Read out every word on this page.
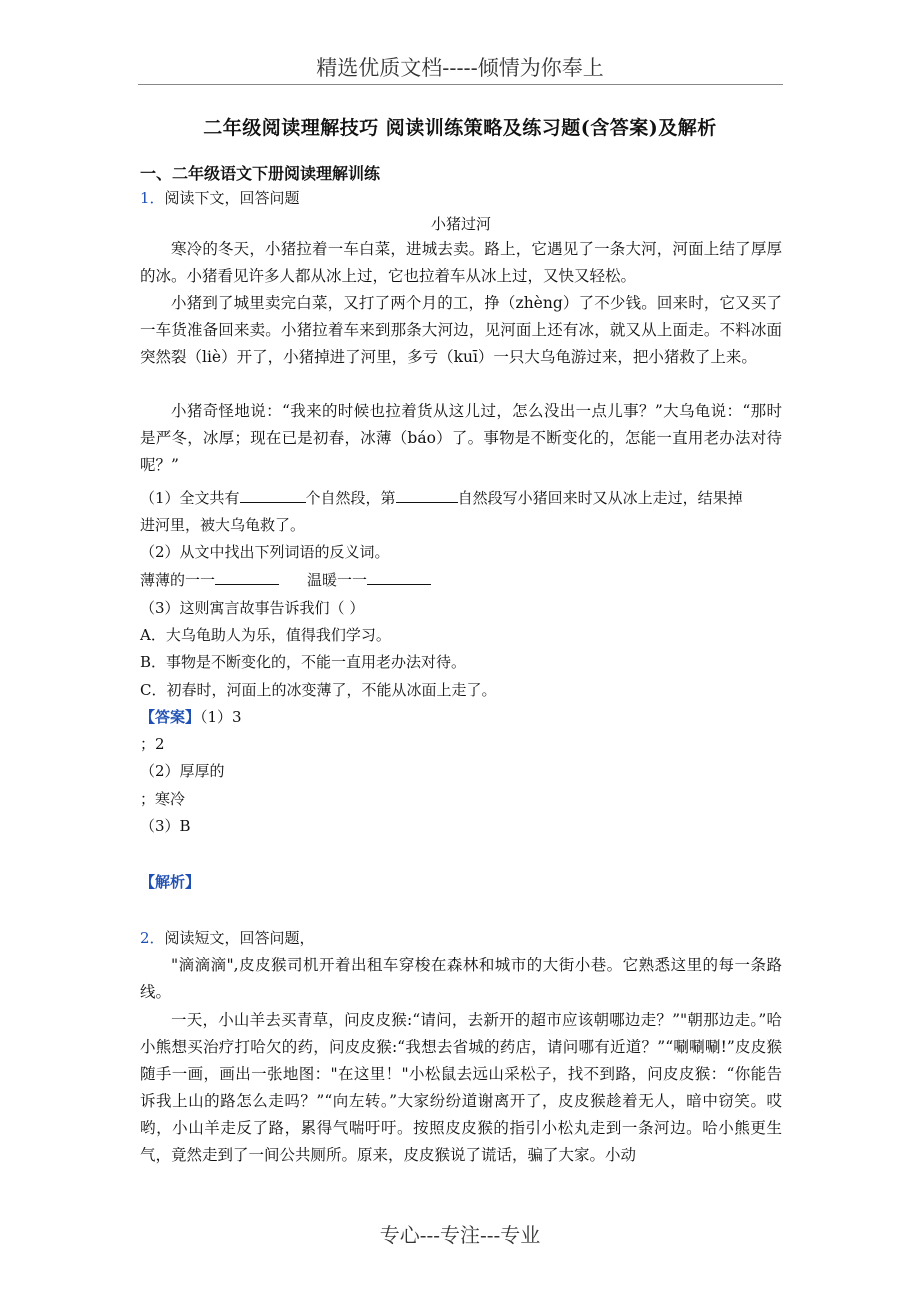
精选优质文档-----倾情为你奉上
二年级阅读理解技巧 阅读训练策略及练习题(含答案)及解析
一、二年级语文下册阅读理解训练
1．阅读下文，回答问题
小猪过河
寒冷的冬天，小猪拉着一车白菜，进城去卖。路上，它遇见了一条大河，河面上结了厚厚的冰。小猪看见许多人都从冰上过，它也拉着车从冰上过，又快又轻松。
小猪到了城里卖完白菜，又打了两个月的工，挣（zhèng）了不少钱。回来时，它又买了一车货准备回来卖。小猪拉着车来到那条大河边，见河面上还有冰，就又从上面走。不料冰面突然裂（liè）开了，小猪掉进了河里，多亏（kuī）一只大乌龟游过来，把小猪救了上来。
小猪奇怪地说：“我来的时候也拉着货从这儿过，怎么没出一点儿事？”大乌龟说：“那时是严冬，冰厚；现在已是初春，冰薄（báo）了。事物是不断变化的，怎能一直用老办法对待呢？”
（1）全文共有	个自然段，第	自然段写小猪回来时又从冰上走过，结果掉
进河里，被大乌龟救了。
（2）从文中找出下列词语的反义词。
薄薄的一一	温暖一一
（3）这则寓言故事告诉我们（ ）
A．大乌龟助人为乐，值得我们学习。
B．事物是不断变化的，不能一直用老办法对待。
C．初春时，河面上的冰变薄了，不能从冰面上走了。
【答案】（1）3
；2
（2）厚厚的
；寒冷
（3）B
【解析】
2．阅读短文，回答问题，
"滴滴滴",皮皮猴司机开着出租车穿梭在森林和城市的大街小巷。它熟悉这里的每一条路线。
一天，小山羊去买青草，问皮皮猴:“请问，去新开的超市应该朝哪边走？”"朝那边走。”哈小熊想买治疗打哈欠的药，问皮皮猴:“我想去省城的药店，请问哪有近道？”“唰唰唰!”皮皮猴随手一画，画出一张地图："在这里！"小松鼠去远山采松子，找不到路，问皮皮猴：“你能告诉我上山的路怎么走吗？”“向左转。”大家纷纷道谢离开了，皮皮猴趁着无人，暗中窃笑。哎哟，小山羊走反了路，累得气喘吁吁。按照皮皮猴的指引小松丸走到一条河边。哈小熊更生气，竟然走到了一间公共厕所。原来，皮皮猴说了谎话，骗了大家。小动
专心---专注---专业
